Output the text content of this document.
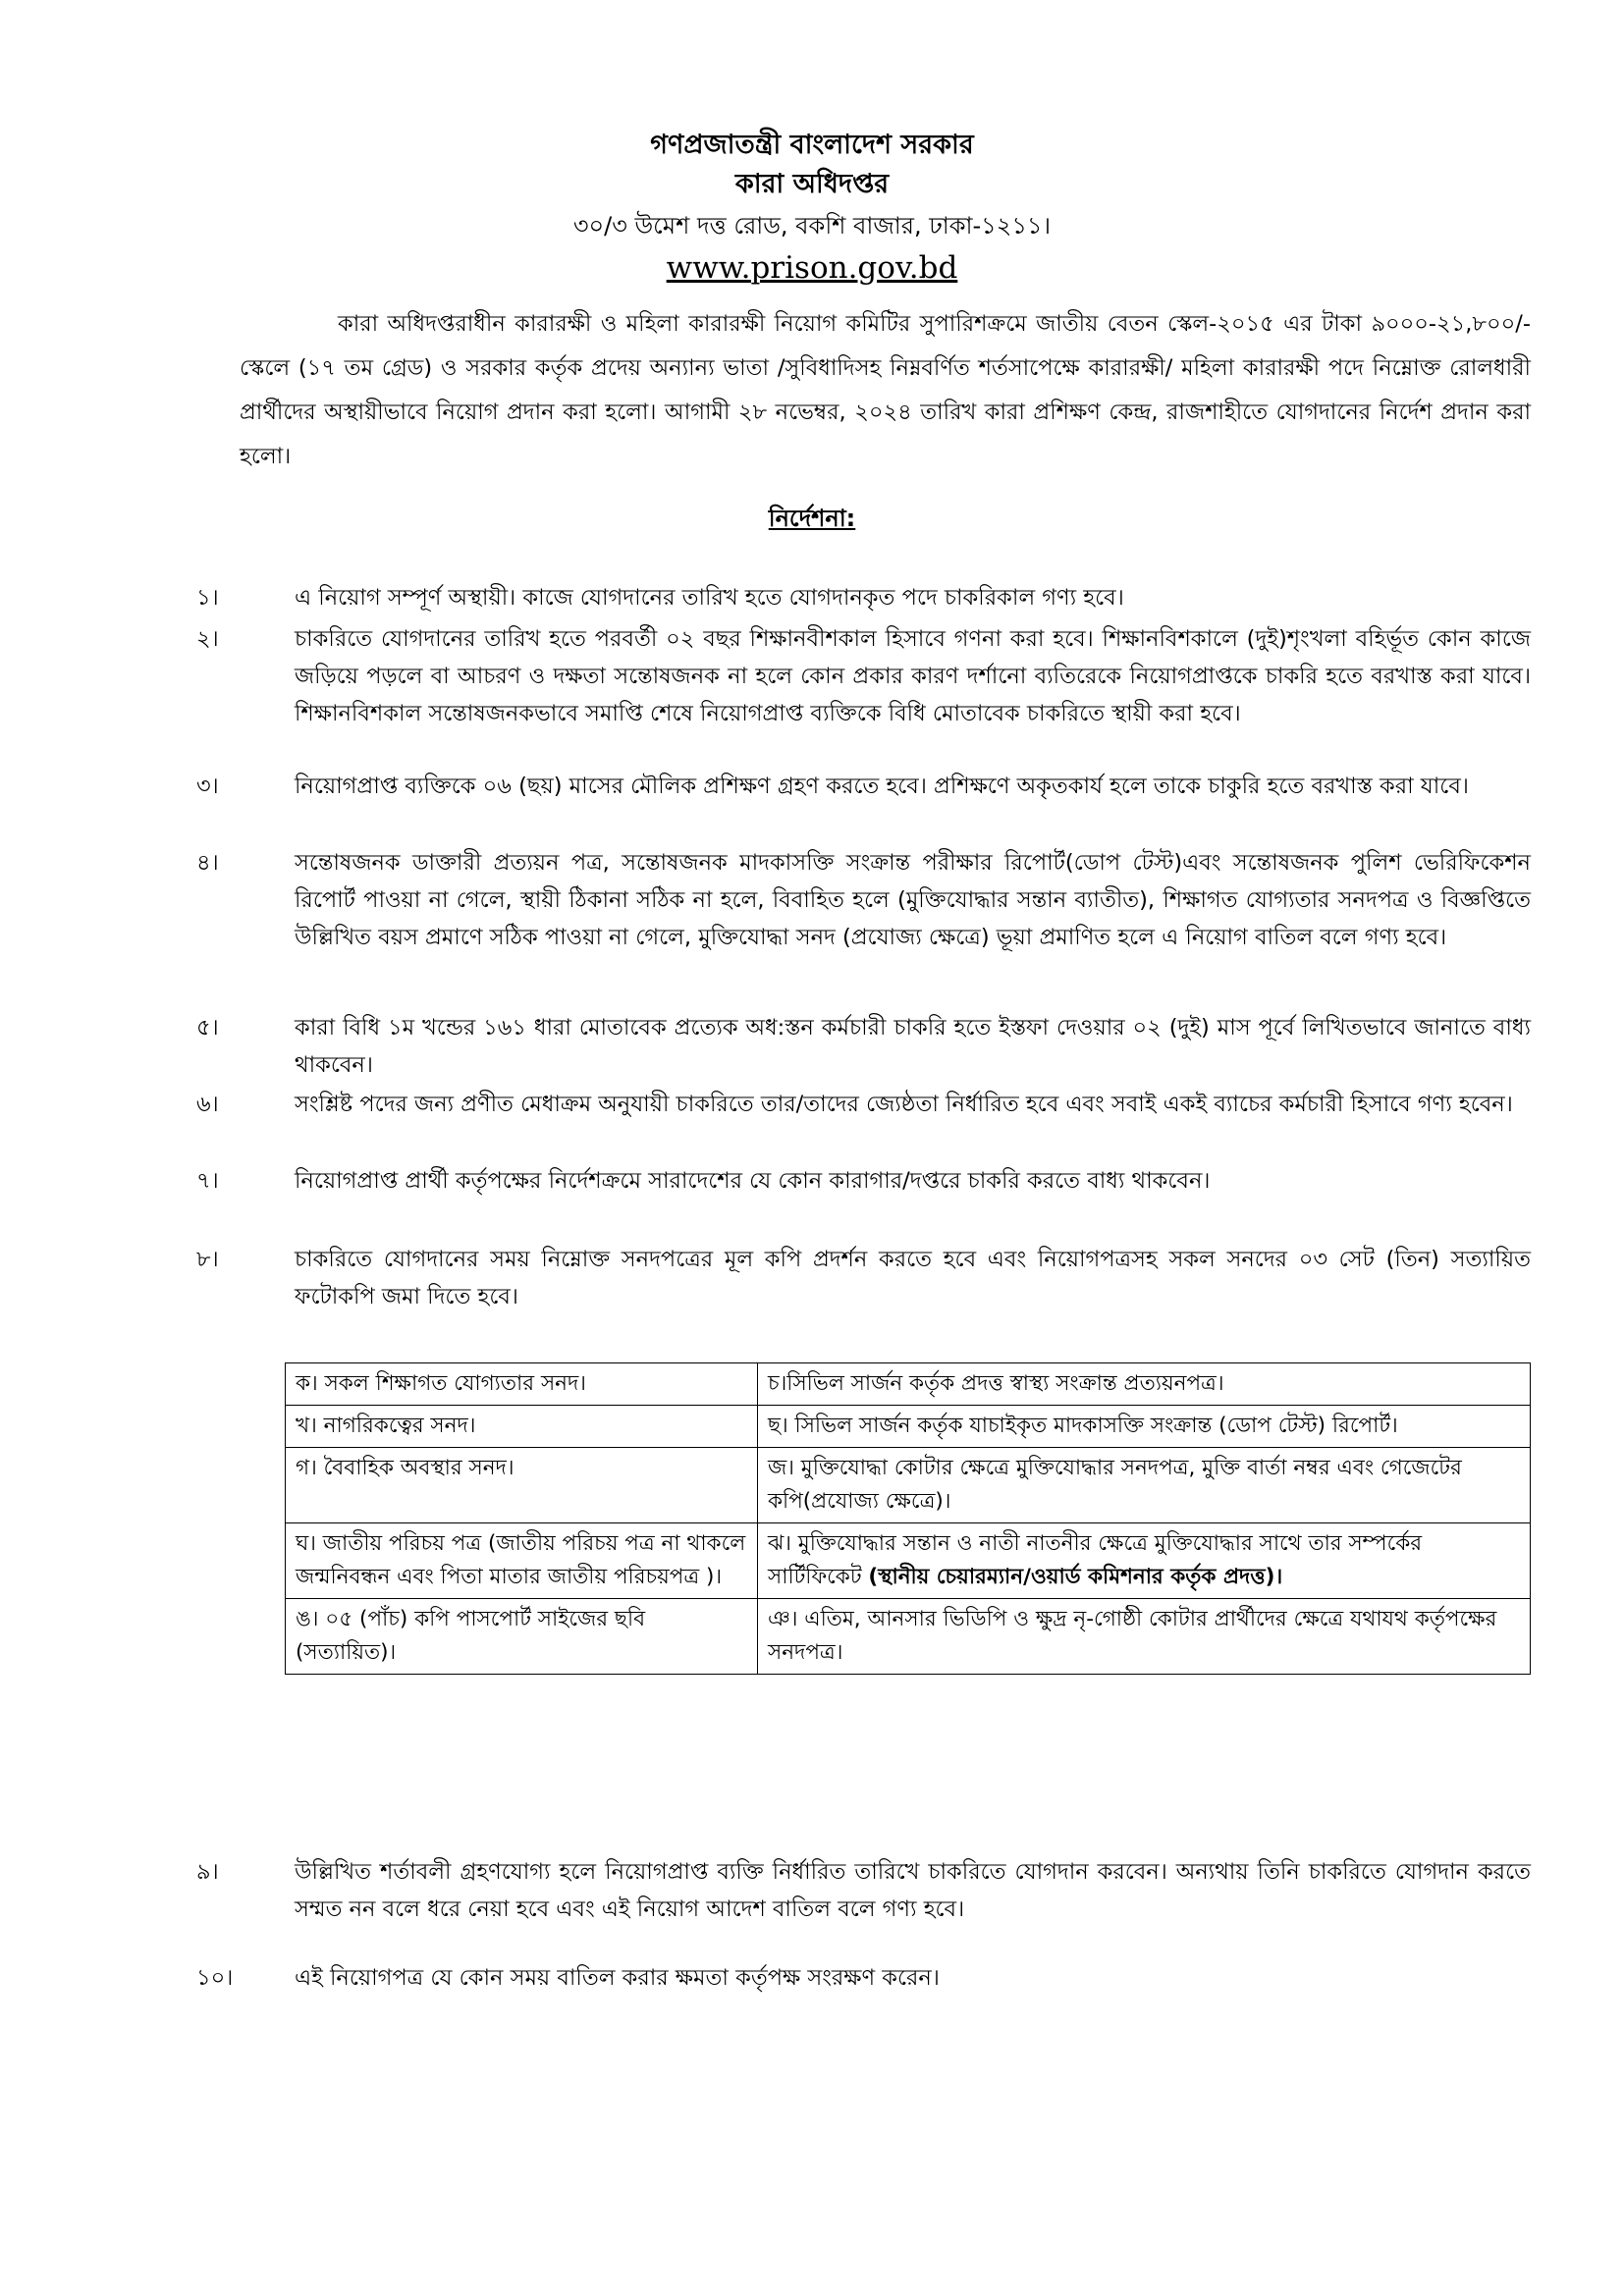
গণপ্রজাতন্ত্রী বাংলাদেশ সরকার

কারা অধিদপ্তর

৩০/৩ উমেশ দত্ত রোড, বকশি বাজার, ঢাকা-১২১১।

www.prison.gov.bd

কারা অধিদপ্তরাধীন কারারক্ষী ও মহিলা কারারক্ষী নিয়োগ কমিটির সুপারিশক্রমে জাতীয় বেতন স্কেল-২০১৫ এর টাকা ৯০০০-২১,৮০০/- স্কেলে (১৭ তম গ্রেড) ও সরকার কর্তৃক প্রদেয় অন্যান্য ভাতা /সুবিধাদিসহ নিম্নবর্ণিত শর্তসাপেক্ষে কারারক্ষী/ মহিলা কারারক্ষী পদে নিম্নোক্ত রোলধারী প্রার্থীদের অস্থায়ীভাবে নিয়োগ প্রদান করা হলো। আগামী ২৮ নভেম্বর, ২০২৪ তারিখ কারা প্রশিক্ষণ কেন্দ্র, রাজশাহীতে যোগদানের নির্দেশ প্রদান করা হলো।

নির্দেশনা:

১।	এ নিয়োগ সম্পূর্ণ অস্থায়ী। কাজে যোগদানের তারিখ হতে যোগদানকৃত পদে চাকরিকাল গণ্য হবে।
২।	চাকরিতে যোগদানের তারিখ হতে পরবর্তী ০২ বছর শিক্ষানবীশকাল হিসাবে গণনা করা হবে। শিক্ষানবিশকালে (দুই)শৃংখলা বহির্ভূত কোন কাজে জড়িয়ে পড়লে বা আচরণ ও দক্ষতা সন্তোষজনক না হলে কোন প্রকার কারণ দর্শানো ব্যতিরেকে নিয়োগপ্রাপ্তকে চাকরি হতে বরখাস্ত করা যাবে। শিক্ষানবিশকাল সন্তোষজনকভাবে সমাপ্তি শেষে নিয়োগপ্রাপ্ত ব্যক্তিকে বিধি মোতাবেক চাকরিতে স্থায়ী করা হবে।
৩।	নিয়োগপ্রাপ্ত ব্যক্তিকে ০৬ (ছয়) মাসের মৌলিক প্রশিক্ষণ গ্রহণ করতে হবে। প্রশিক্ষণে অকৃতকার্য হলে তাকে চাকুরি হতে বরখাস্ত করা যাবে।
৪।	সন্তোষজনক ডাক্তারী প্রত্যয়ন পত্র, সন্তোষজনক মাদকাসক্তি সংক্রান্ত পরীক্ষার রিপোর্ট(ডোপ টেস্ট)এবং সন্তোষজনক পুলিশ ভেরিফিকেশন রিপোর্ট পাওয়া না গেলে, স্থায়ী ঠিকানা সঠিক না হলে, বিবাহিত হলে (মুক্তিযোদ্ধার সন্তান ব্যাতীত), শিক্ষাগত যোগ্যতার সনদপত্র ও বিজ্ঞপ্তিতে উল্লিখিত বয়স প্রমাণে সঠিক পাওয়া না গেলে, মুক্তিযোদ্ধা সনদ (প্রযোজ্য ক্ষেত্রে) ভূয়া প্রমাণিত হলে এ নিয়োগ বাতিল বলে গণ্য হবে।
৫।	কারা বিধি ১ম খন্ডের ১৬১ ধারা মোতাবেক প্রত্যেক অধ:স্তন কর্মচারী চাকরি হতে ইস্তফা দেওয়ার ০২ (দুই) মাস পূর্বে লিখিতভাবে জানাতে বাধ্য থাকবেন।
৬।	সংশ্লিষ্ট পদের জন্য প্রণীত মেধাক্রম অনুযায়ী চাকরিতে তার/তাদের জ্যেষ্ঠতা নির্ধারিত হবে এবং সবাই একই ব্যাচের কর্মচারী হিসাবে গণ্য হবেন।
৭।	নিয়োগপ্রাপ্ত প্রার্থী কর্তৃপক্ষের নির্দেশক্রমে সারাদেশের যে কোন কারাগার/দপ্তরে চাকরি করতে বাধ্য থাকবেন।
৮।	চাকরিতে যোগদানের সময় নিম্নোক্ত সনদপত্রের মূল কপি প্রদর্শন করতে হবে এবং নিয়োগপত্রসহ সকল সনদের ০৩ সেট (তিন) সত্যায়িত ফটোকপি জমা দিতে হবে।
ক। সকল শিক্ষাগত যোগ্যতার সনদ।	চ।সিভিল সার্জন কর্তৃক প্রদত্ত স্বাস্থ্য সংক্রান্ত প্রত্যয়নপত্র।
খ। নাগরিকত্বের সনদ।	ছ। সিভিল সার্জন কর্তৃক যাচাইকৃত মাদকাসক্তি সংক্রান্ত (ডোপ টেস্ট) রিপোর্ট।
গ। বৈবাহিক অবস্থার সনদ।	জ। মুক্তিযোদ্ধা কোটার ক্ষেত্রে মুক্তিযোদ্ধার সনদপত্র, মুক্তি বার্তা নম্বর এবং গেজেটের কপি(প্রযোজ্য ক্ষেত্রে)।
ঘ। জাতীয় পরিচয় পত্র (জাতীয় পরিচয় পত্র না থাকলে জন্মনিবন্ধন এবং পিতা মাতার জাতীয় পরিচয়পত্র )।	ঝ। মুক্তিযোদ্ধার সন্তান ও নাতী নাতনীর ক্ষেত্রে মুক্তিযোদ্ধার সাথে তার সম্পর্কের সার্টিফিকেট (স্থানীয় চেয়ারম্যান/ওয়ার্ড কমিশনার কর্তৃক প্রদত্ত)।
ঙ। ০৫ (পাঁচ) কপি পাসপোর্ট সাইজের ছবি (সত্যায়িত)।	ঞ। এতিম, আনসার ভিডিপি ও ক্ষুদ্র নৃ-গোষ্ঠী কোটার প্রার্থীদের ক্ষেত্রে যথাযথ কর্তৃপক্ষের সনদপত্র।
৯।	উল্লিখিত শর্তাবলী গ্রহণযোগ্য হলে নিয়োগপ্রাপ্ত ব্যক্তি নির্ধারিত তারিখে চাকরিতে যোগদান করবেন। অন্যথায় তিনি চাকরিতে যোগদান করতে সম্মত নন বলে ধরে নেয়া হবে এবং এই নিয়োগ আদেশ বাতিল বলে গণ্য হবে।
১০।	এই নিয়োগপত্র যে কোন সময় বাতিল করার ক্ষমতা কর্তৃপক্ষ সংরক্ষণ করেন।
